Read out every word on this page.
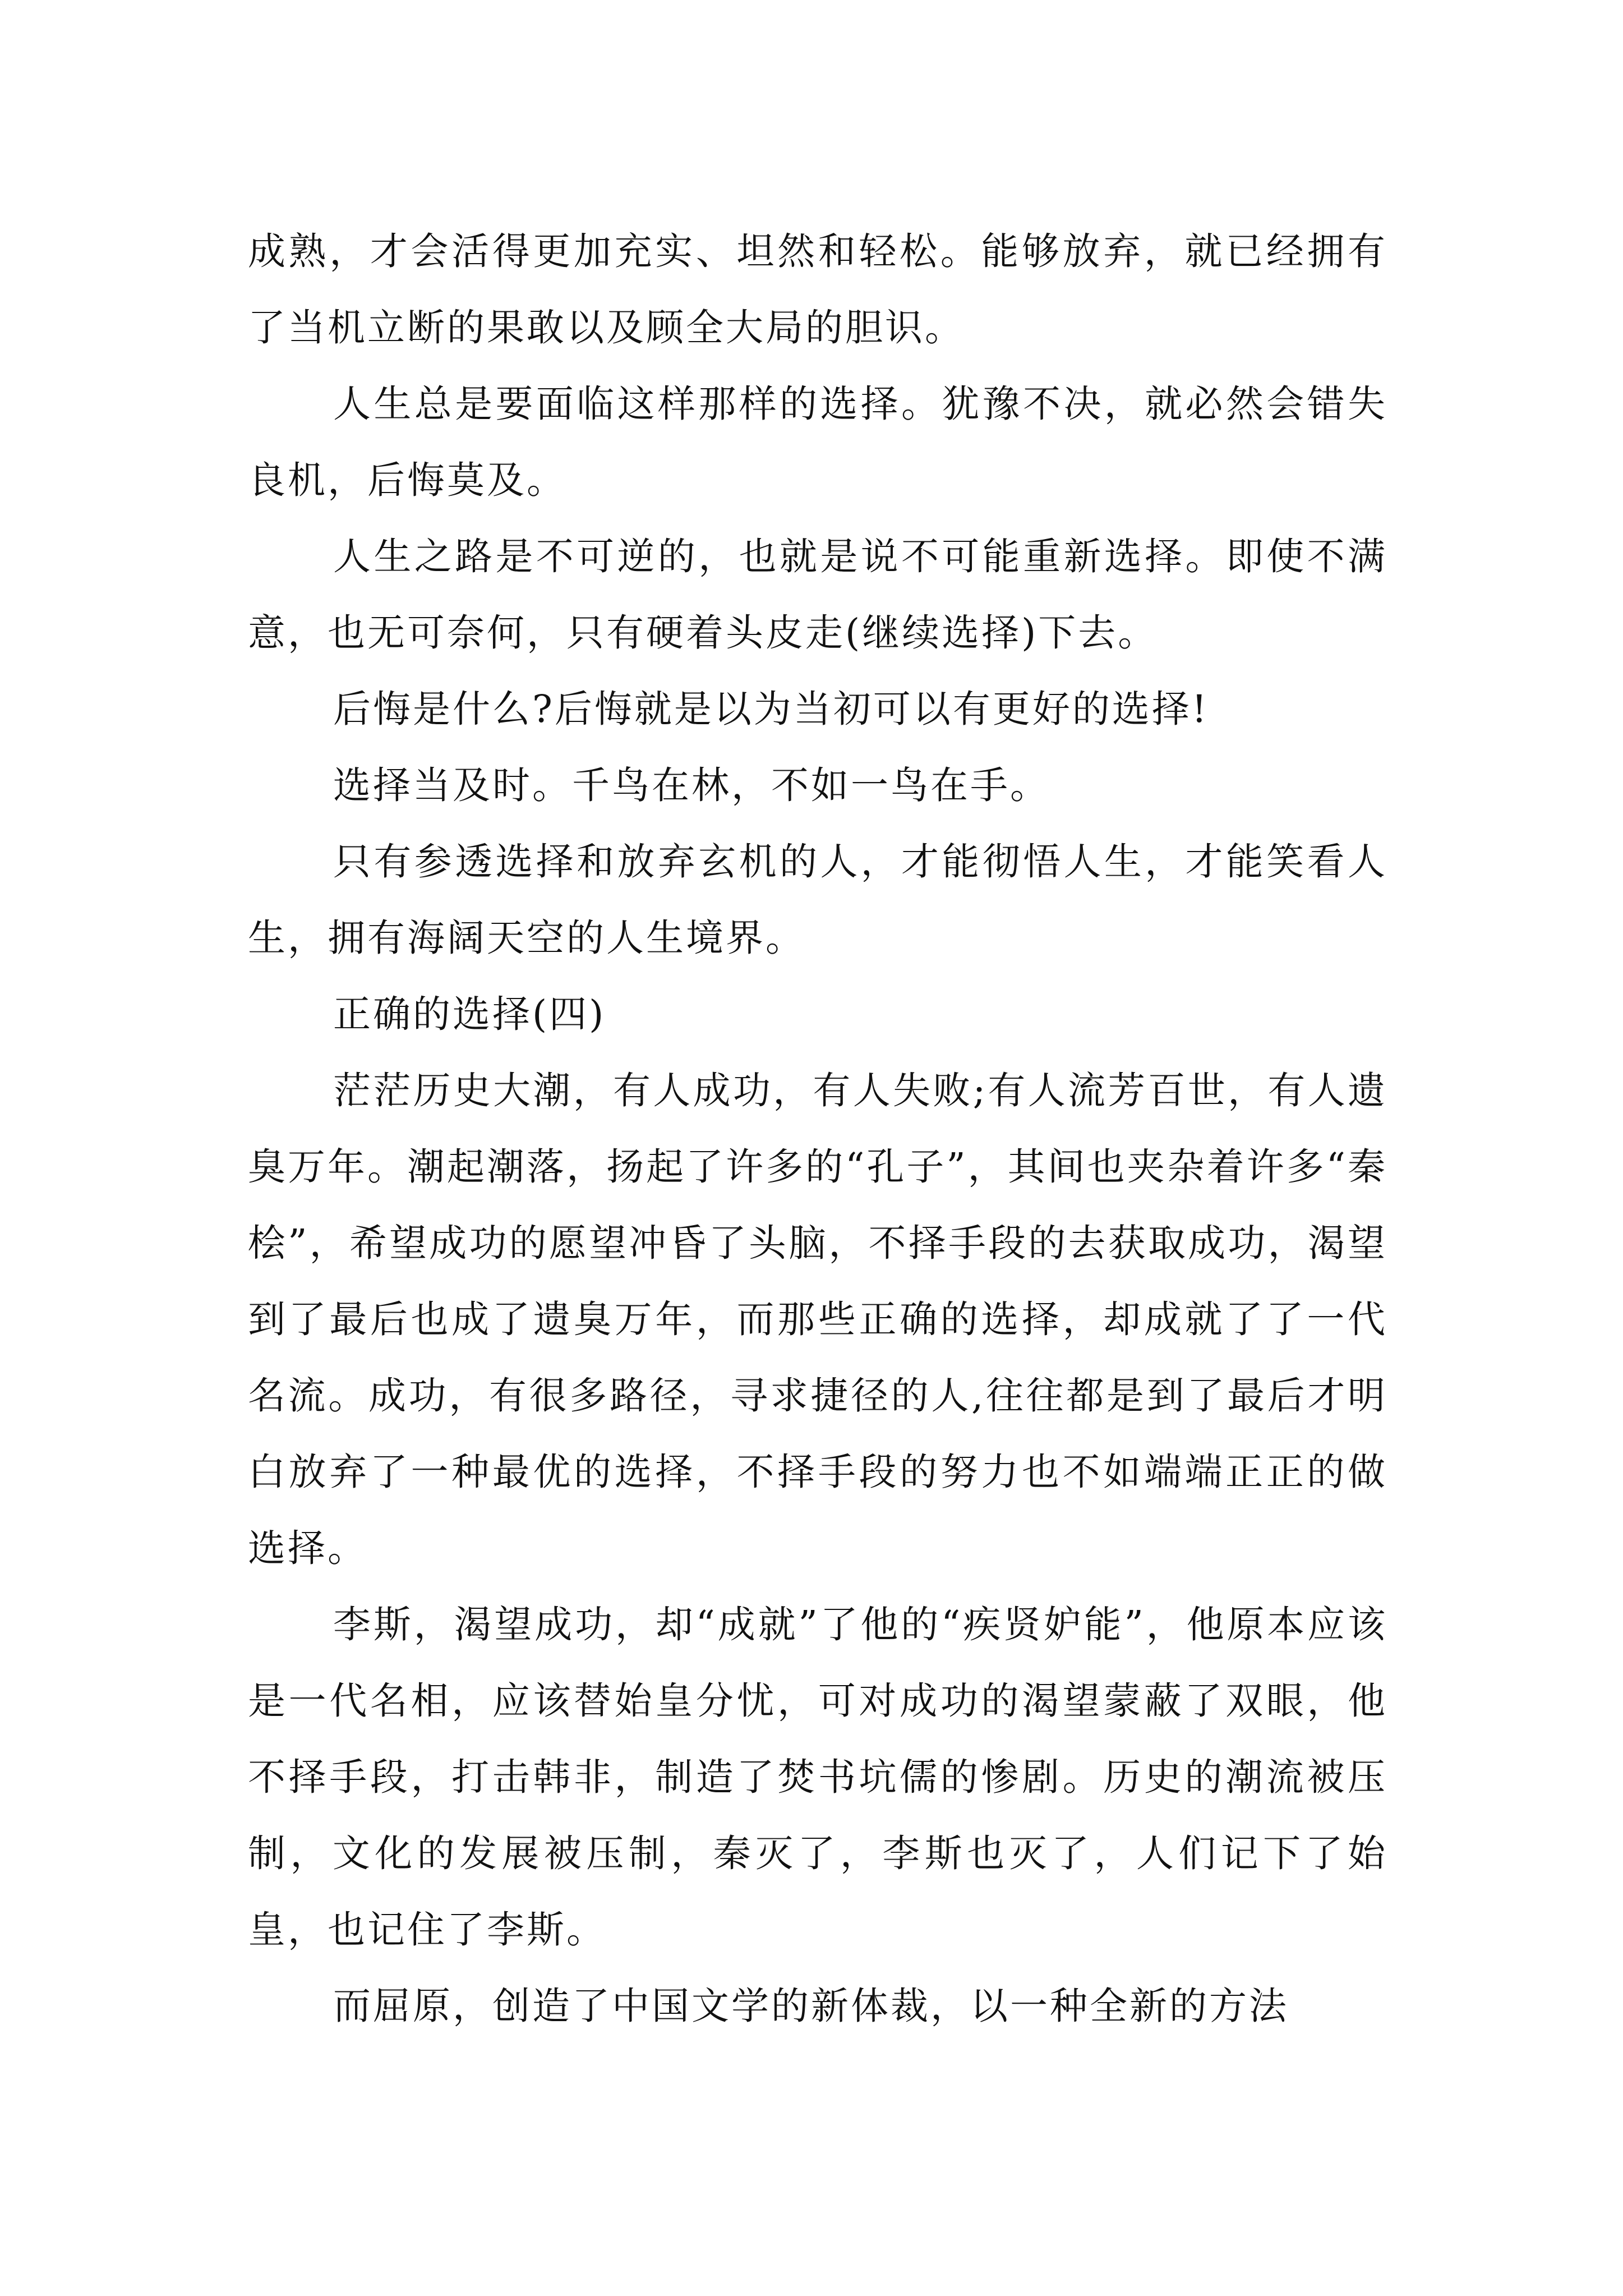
成熟，才会活得更加充实、坦然和轻松。能够放弃，就已经拥有了当机立断的果敢以及顾全大局的胆识。

人生总是要面临这样那样的选择。犹豫不决，就必然会错失良机，后悔莫及。

人生之路是不可逆的，也就是说不可能重新选择。即使不满意，也无可奈何，只有硬着头皮走(继续选择)下去。

后悔是什么?后悔就是以为当初可以有更好的选择!

选择当及时。千鸟在林，不如一鸟在手。

只有参透选择和放弃玄机的人，才能彻悟人生，才能笑看人生，拥有海阔天空的人生境界。

正确的选择(四)

茫茫历史大潮，有人成功，有人失败;有人流芳百世，有人遗臭万年。潮起潮落，扬起了许多的“孔子”，其间也夹杂着许多“秦桧”，希望成功的愿望冲昏了头脑，不择手段的去获取成功，渴望到了最后也成了遗臭万年，而那些正确的选择，却成就了了一代名流。成功，有很多路径，寻求捷径的人,往往都是到了最后才明白放弃了一种最优的选择，不择手段的努力也不如端端正正的做选择。

李斯，渴望成功，却“成就”了他的“疾贤妒能”，他原本应该是一代名相，应该替始皇分忧，可对成功的渴望蒙蔽了双眼，他不择手段，打击韩非，制造了焚书坑儒的惨剧。历史的潮流被压制，文化的发展被压制，秦灭了，李斯也灭了，人们记下了始皇，也记住了李斯。

而屈原，创造了中国文学的新体裁，以一种全新的方法
